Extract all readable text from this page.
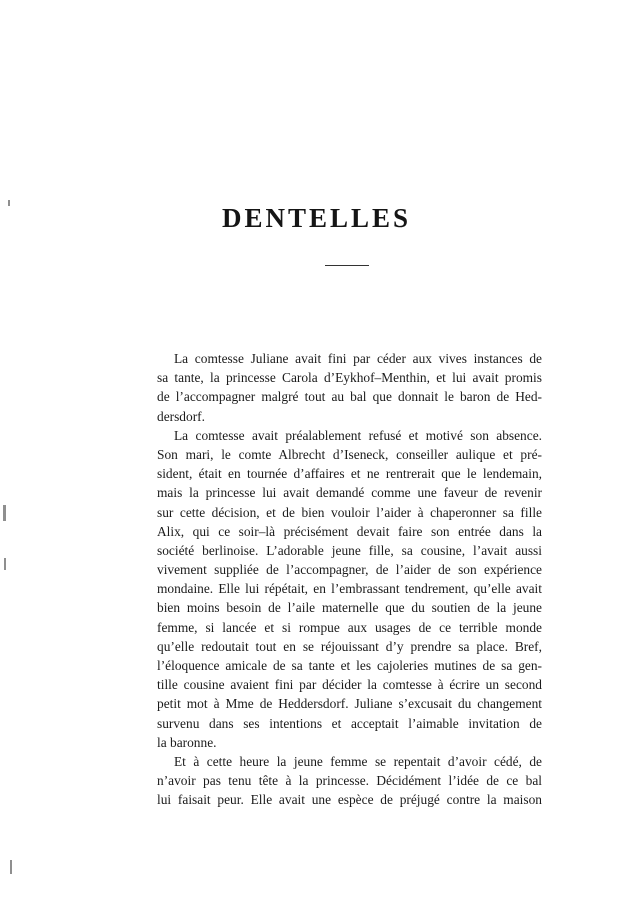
DENTELLES
La comtesse Juliane avait fini par céder aux vives instances de
sa tante, la princesse Carola d’Eykhof–Menthin, et lui avait promis
de l’accompagner malgré tout au bal que donnait le baron de Hed-
dersdorf.
La comtesse avait préalablement refusé et motivé son absence.
Son mari, le comte Albrecht d’Iseneck, conseiller aulique et pré-
sident, était en tournée d’affaires et ne rentrerait que le lendemain,
mais la princesse lui avait demandé comme une faveur de revenir
sur cette décision, et de bien vouloir l’aider à chaperonner sa fille
Alix, qui ce soir–là précisément devait faire son entrée dans la
société berlinoise. L’adorable jeune fille, sa cousine, l’avait aussi
vivement suppliée de l’accompagner, de l’aider de son expérience
mondaine. Elle lui répétait, en l’embrassant tendrement, qu’elle avait
bien moins besoin de l’aile maternelle que du soutien de la jeune
femme, si lancée et si rompue aux usages de ce terrible monde
qu’elle redoutait tout en se réjouissant d’y prendre sa place. Bref,
l’éloquence amicale de sa tante et les cajoleries mutines de sa gen-
tille cousine avaient fini par décider la comtesse à écrire un second
petit mot à Mme de Heddersdorf. Juliane s’excusait du changement
survenu dans ses intentions et acceptait l’aimable invitation de
la baronne.
Et à cette heure la jeune femme se repentait d’avoir cédé, de
n’avoir pas tenu tête à la princesse. Décidément l’idée de ce bal
lui faisait peur. Elle avait une espèce de préjugé contre la maison
